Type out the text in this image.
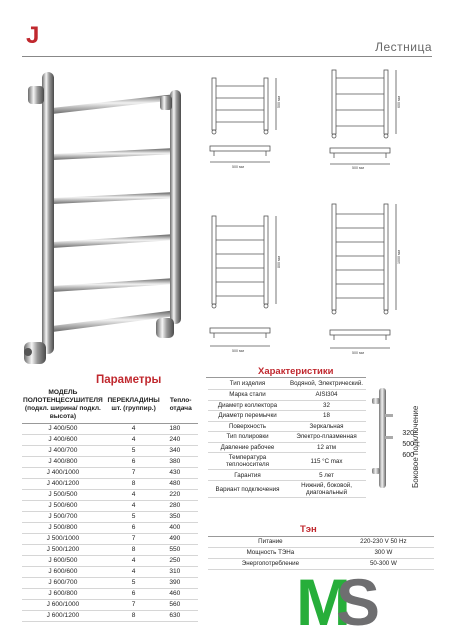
J	Лестница
500 мм
500 мм
600 мм
500 мм
800 мм
500 мм
1000 мм
500 мм
Параметры
МОДЕЛЬ ПОЛОТЕНЦЕСУШИТЕЛЯ (подкл. ширина/ подкл. высота)	ПЕРЕКЛАДИНЫ шт. (группир.)	Тепло-отдача
J 400/500	4	180
J 400/600	4	240
J 400/700	5	340
J 400/800	6	380
J 400/1000	7	430
J 400/1200	8	480
J 500/500	4	220
J 500/600	4	280
J 500/700	5	350
J 500/800	6	400
J 500/1000	7	490
J 500/1200	8	550
J 600/500	4	250
J 600/600	4	310
J 600/700	5	390
J 600/800	6	460
J 600/1000	7	560
J 600/1200	8	630
Характеристики
Тип изделия	Водяной, Электрический.
Марка стали	AISI304
Диаметр коллектора	32
Диаметр перемычки	18
Поверхность	Зеркальная
Тип полировки	Электро-плазменная
Давление рабочее	12 атм
Температура теплоносителя	115 °C max
Гарантия	5 лет
Вариант подключения	Нижний, боковой, диагональный
320
500
600
Боковое подключение
Тэн
Питание	220-230 V 50 Hz
Мощность ТЭНа	300 W
Энергопотребление	50-300 W
M
S
